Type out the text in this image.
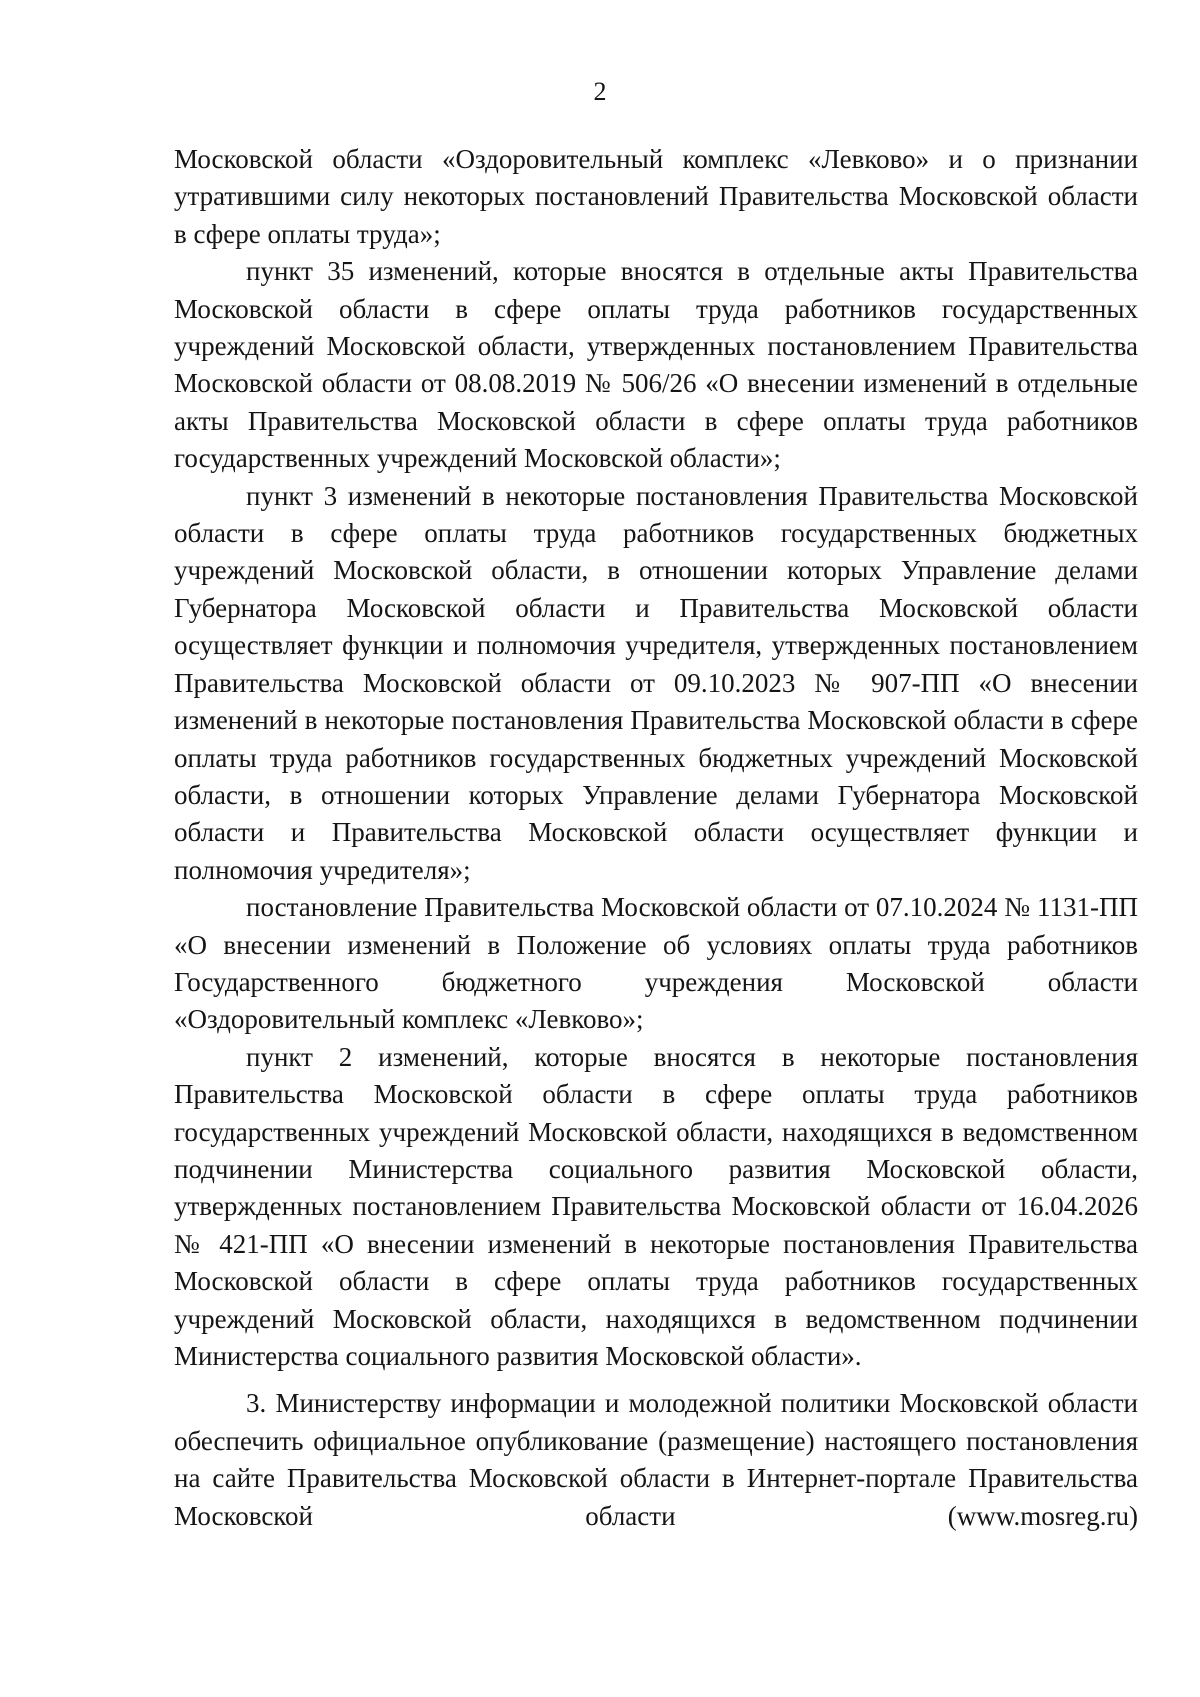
2

Московской области «Оздоровительный комплекс «Левково» и о признании утратившими силу некоторых постановлений Правительства Московской области в сфере оплаты труда»;

пункт 35 изменений, которые вносятся в отдельные акты Правительства Московской области в сфере оплаты труда работников государственных учреждений Московской области, утвержденных постановлением Правительства Московской области от 08.08.2019 № 506/26 «О внесении изменений в отдельные акты Правительства Московской области в сфере оплаты труда работников государственных учреждений Московской области»;

пункт 3 изменений в некоторые постановления Правительства Московской области в сфере оплаты труда работников государственных бюджетных учреждений Московской области, в отношении которых Управление делами Губернатора Московской области и Правительства Московской области осуществляет функции и полномочия учредителя, утвержденных постановлением Правительства Московской области от 09.10.2023 № 907-ПП «О внесении изменений в некоторые постановления Правительства Московской области в сфере оплаты труда работников государственных бюджетных учреждений Московской области, в отношении которых Управление делами Губернатора Московской области и Правительства Московской области осуществляет функции и полномочия учредителя»;

постановление Правительства Московской области от 07.10.2024 № 1131-ПП «О внесении изменений в Положение об условиях оплаты труда работников Государственного бюджетного учреждения Московской области «Оздоровительный комплекс «Левково»;

пункт 2 изменений, которые вносятся в некоторые постановления Правительства Московской области в сфере оплаты труда работников государственных учреждений Московской области, находящихся в ведомственном подчинении Министерства социального развития Московской области, утвержденных постановлением Правительства Московской области от 16.04.2026 № 421-ПП «О внесении изменений в некоторые постановления Правительства Московской области в сфере оплаты труда работников государственных учреждений Московской области, находящихся в ведомственном подчинении Министерства социального развития Московской области».

3. Министерству информации и молодежной политики Московской области обеспечить официальное опубликование (размещение) настоящего постановления на сайте Правительства Московской области в Интернет-портале Правительства Московской области (www.mosreg.ru)
